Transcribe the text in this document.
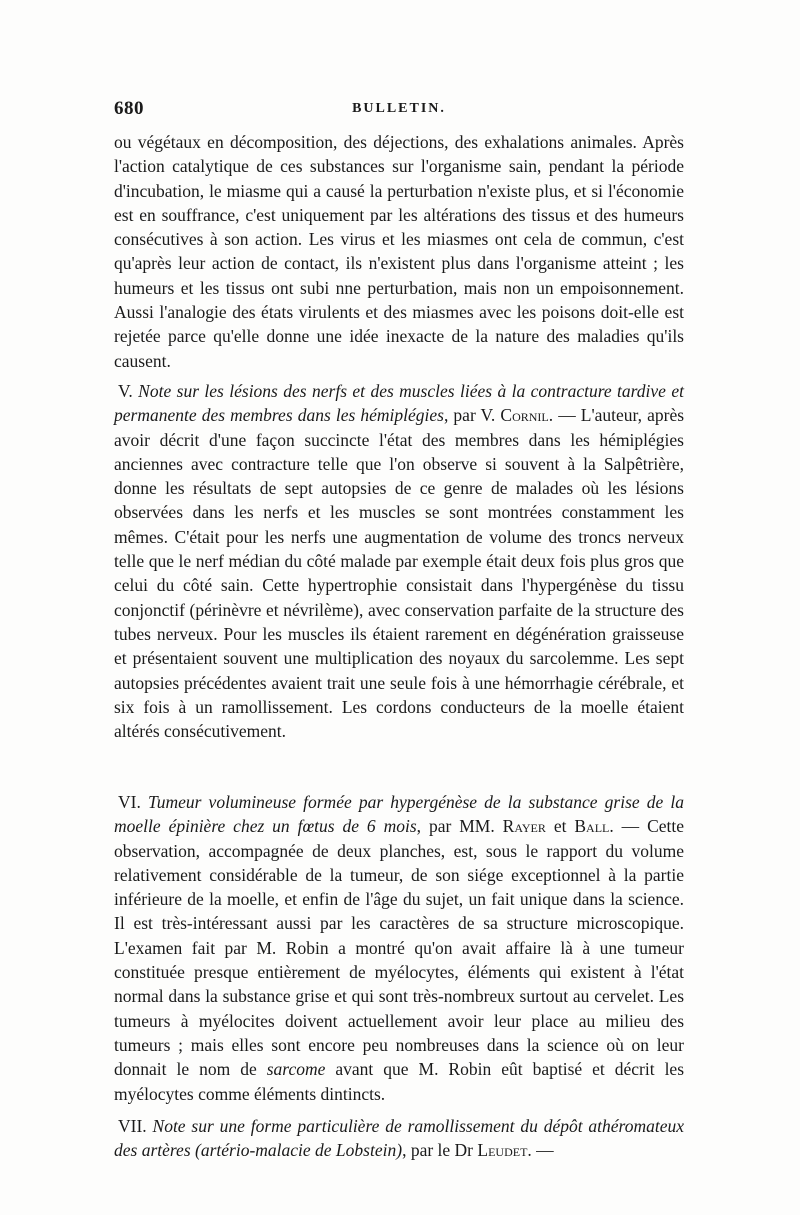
680	BULLETIN.

ou végétaux en décomposition, des déjections, des exhalations animales. Après l'action catalytique de ces substances sur l'organisme sain, pendant la période d'incubation, le miasme qui a causé la perturbation n'existe plus, et si l'économie est en souffrance, c'est uniquement par les altérations des tissus et des humeurs consécutives à son action. Les virus et les miasmes ont cela de commun, c'est qu'après leur action de contact, ils n'existent plus dans l'organisme atteint ; les humeurs et les tissus ont subi nne perturbation, mais non un empoisonnement. Aussi l'analogie des états virulents et des miasmes avec les poisons doit-elle est rejetée parce qu'elle donne une idée inexacte de la nature des maladies qu'ils causent.

V. Note sur les lésions des nerfs et des muscles liées à la contracture tardive et permanente des membres dans les hémiplégies, par V. Cornil. — L'auteur, après avoir décrit d'une façon succincte l'état des membres dans les hémiplégies anciennes avec contracture telle que l'on observe si souvent à la Salpêtrière, donne les résultats de sept autopsies de ce genre de malades où les lésions observées dans les nerfs et les muscles se sont montrées constamment les mêmes. C'était pour les nerfs une augmentation de volume des troncs nerveux telle que le nerf médian du côté malade par exemple était deux fois plus gros que celui du côté sain. Cette hypertrophie consistait dans l'hypergénèse du tissu conjonctif (périnèvre et névrilème), avec conservation parfaite de la structure des tubes nerveux. Pour les muscles ils étaient rarement en dégénération graisseuse et présentaient souvent une multiplication des noyaux du sarcolemme. Les sept autopsies précédentes avaient trait une seule fois à une hémorrhagie cérébrale, et six fois à un ramollissement. Les cordons conducteurs de la moelle étaient altérés consécutivement.

VI. Tumeur volumineuse formée par hypergénèse de la substance grise de la moelle épinière chez un fœtus de 6 mois, par MM. Rayer et Ball. — Cette observation, accompagnée de deux planches, est, sous le rapport du volume relativement considérable de la tumeur, de son siége exceptionnel à la partie inférieure de la moelle, et enfin de l'âge du sujet, un fait unique dans la science. Il est très-intéressant aussi par les caractères de sa structure microscopique. L'examen fait par M. Robin a montré qu'on avait affaire là à une tumeur constituée presque entièrement de myélocytes, éléments qui existent à l'état normal dans la substance grise et qui sont très-nombreux surtout au cervelet. Les tumeurs à myélocites doivent actuellement avoir leur place au milieu des tumeurs ; mais elles sont encore peu nombreuses dans la science où on leur donnait le nom de sarcome avant que M. Robin eût baptisé et décrit les myélocytes comme éléments dintincts.

VII. Note sur une forme particulière de ramollissement du dépôt athéromateux des artères (artério-malacie de Lobstein), par le Dr Leudet. —
